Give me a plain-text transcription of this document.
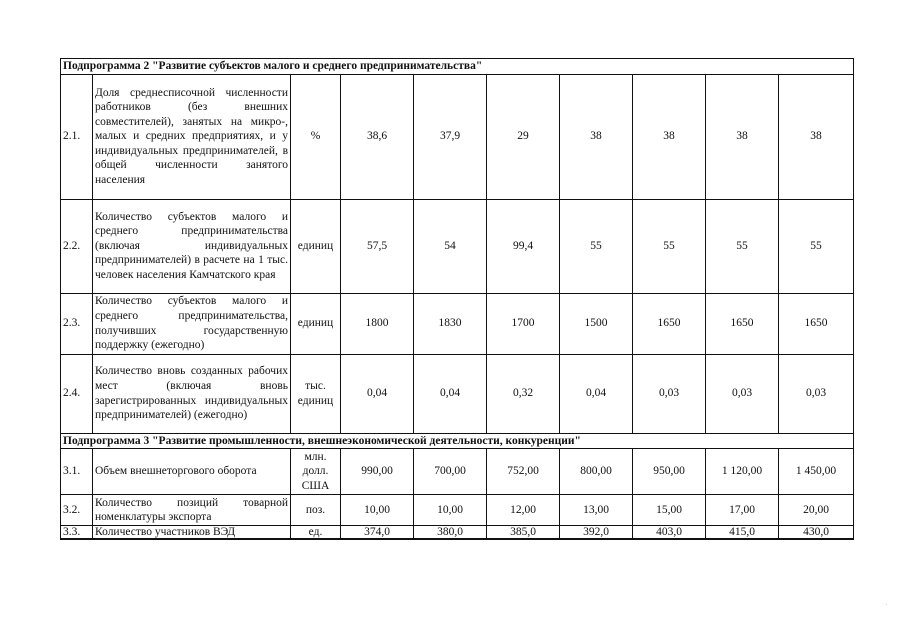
Подпрограмма 2 "Развитие субъектов малого и среднего предпринимательства"									
2.1.	Доля среднесписочной численности работников (без внешних совместителей), занятых на микро-, малых и средних предприятиях, и у индивидуальных предпринимателей, в общей численности занятого населения	%	38,6	37,9	29	38	38	38	38
2.2.	Количество субъектов малого и среднего предпринимательства (включая индивидуальных предпринимателей) в расчете на 1 тыс. человек населения Камчатского края	единиц	57,5	54	99,4	55	55	55	55
2.3.	Количество субъектов малого и среднего предпринимательства, получивших государственную поддержку (ежегодно)	единиц	1800	1830	1700	1500	1650	1650	1650
2.4.	Количество вновь созданных рабочих мест (включая вновь зарегистрированных индивидуальных предпринимателей) (ежегодно)	тыс. единиц	0,04	0,04	0,32	0,04	0,03	0,03	0,03
Подпрограмма 3 "Развитие промышленности, внешнеэкономической деятельности, конкуренции"									
3.1.	Объем внешнеторгового оборота	млн. долл. США	990,00	700,00	752,00	800,00	950,00	1 120,00	1 450,00
3.2.	Количество позиций товарной номенклатуры экспорта	поз.	10,00	10,00	12,00	13,00	15,00	17,00	20,00
3.3.	Количество участников ВЭД	ед.	374,0	380,0	385,0	392,0	403,0	415,0	430,0
.
